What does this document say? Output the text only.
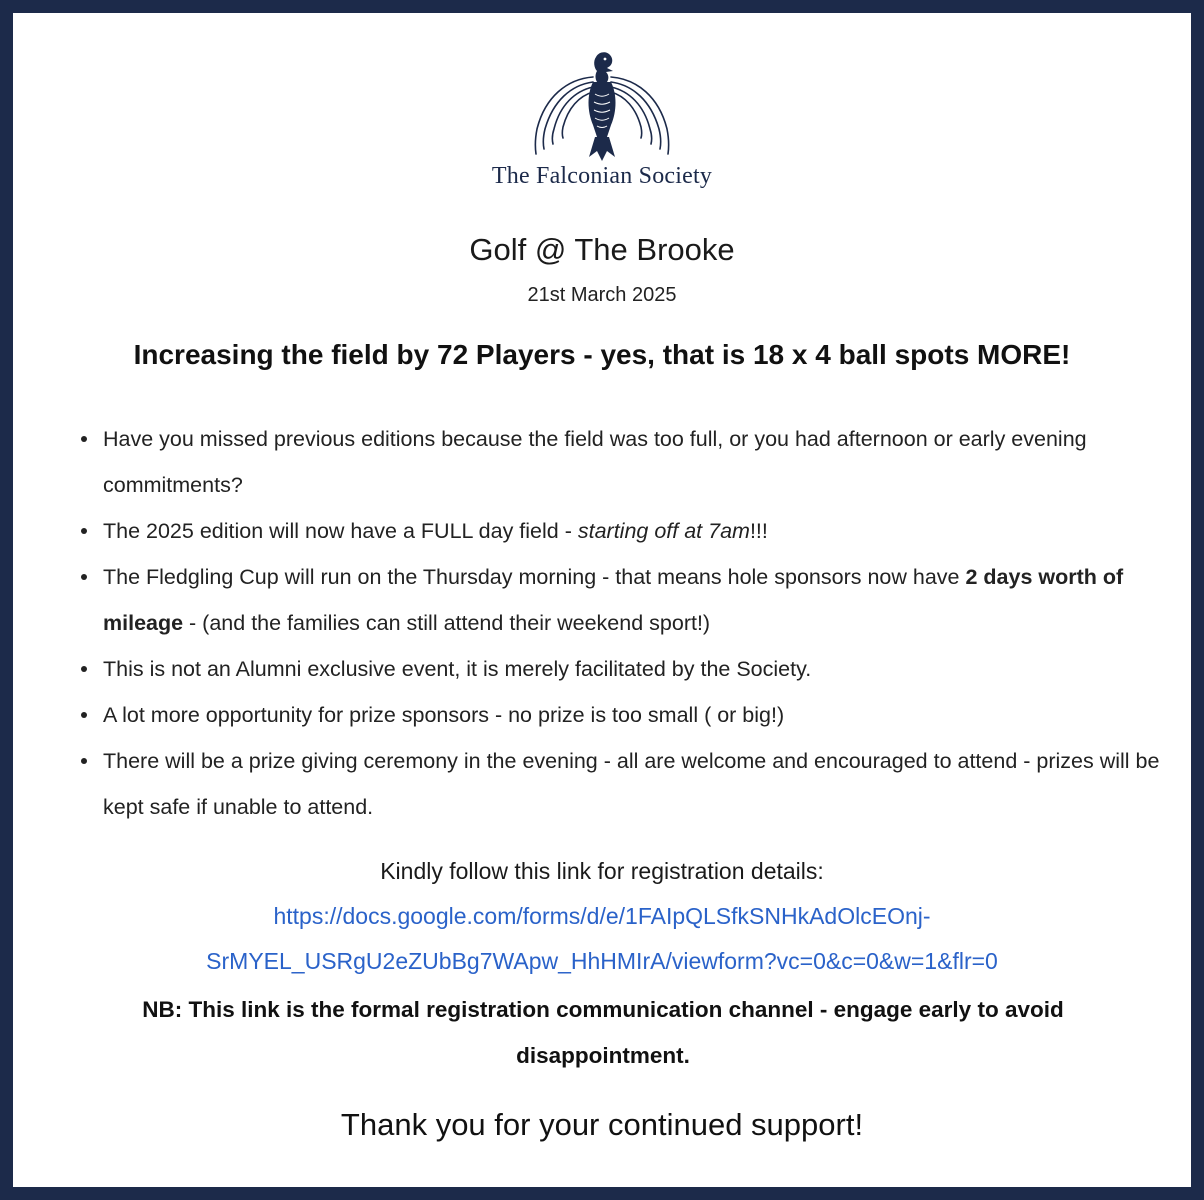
The Falconian Society
Golf @ The Brooke
21st March 2025
Increasing the field by 72 Players - yes, that is 18 x 4 ball spots MORE!
Have you missed previous editions because the field was too full, or you had afternoon or early evening commitments?
The 2025 edition will now have a FULL day field - starting off at 7am!!!
The Fledgling Cup will run on the Thursday morning - that means hole sponsors now have 2 days worth of mileage - (and the families can still attend their weekend sport!)
This is not an Alumni exclusive event, it is merely facilitated by the Society.
A lot more opportunity for prize sponsors - no prize is too small ( or big!)
There will be a prize giving ceremony in the evening - all are welcome and encouraged to attend - prizes will be kept safe if unable to attend.
Kindly follow this link for registration details:
https://docs.google.com/forms/d/e/1FAIpQLSfkSNHkAdOlcEOnj-
SrMYEL_USRgU2eZUbBg7WApw_HhHMIrA/viewform?vc=0&c=0&w=1&flr=0
NB: This link is the formal registration communication channel - engage early to avoid disappointment.
Thank you for your continued support!
